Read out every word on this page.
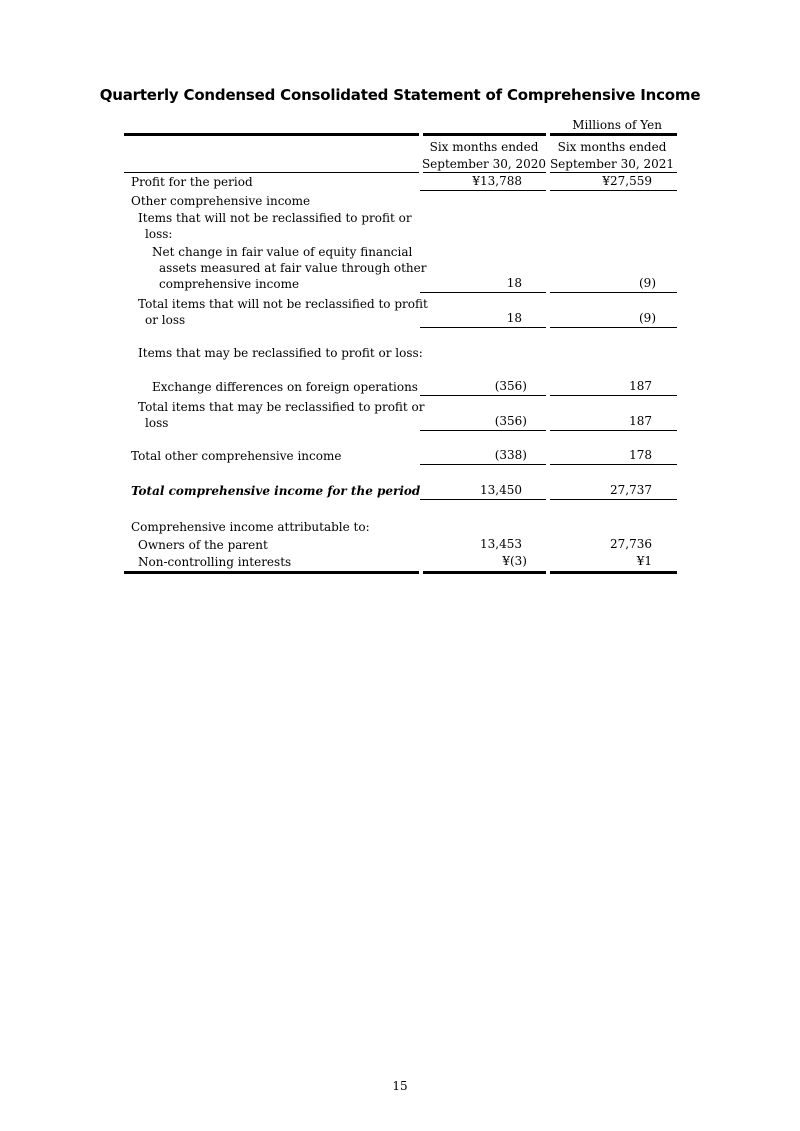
Quarterly Condensed Consolidated Statement of Comprehensive Income
Millions of Yen
Six months ended
September 30, 2020
Six months ended
September 30, 2021
Profit for the period	¥13,788	¥27,559
Other comprehensive income
Items that will not be reclassified to profit or
loss:
Net change in fair value of equity financial
assets measured at fair value through other
comprehensive income	18	(9)
Total items that will not be reclassified to profit
or loss	18	(9)
Items that may be reclassified to profit or loss:
Exchange differences on foreign operations	(356)	187
Total items that may be reclassified to profit or
loss	(356)	187
Total other comprehensive income	(338)	178
Total comprehensive income for the period	13,450	27,737
Comprehensive income attributable to:
Owners of the parent	13,453	27,736
Non-controlling interests	¥(3)	¥1
15
